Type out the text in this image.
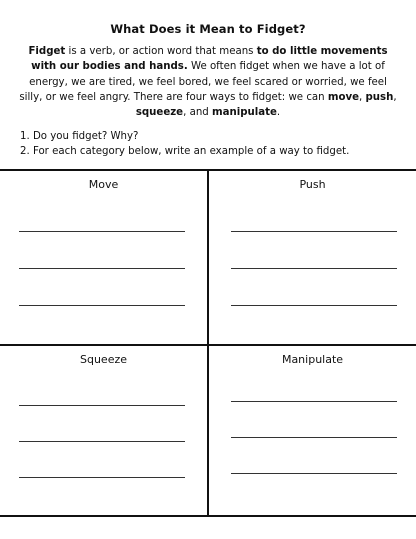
What Does it Mean to Fidget?
Fidget is a verb, or action word that means to do little movements with our bodies and hands. We often fidget when we have a lot of energy, we are tired, we feel bored, we feel scared or worried, we feel silly, or we feel angry. There are four ways to fidget: we can move, push, squeeze, and manipulate.
1. Do you fidget? Why?
2. For each category below, write an example of a way to fidget.
Move	Push
Squeeze	Manipulate
